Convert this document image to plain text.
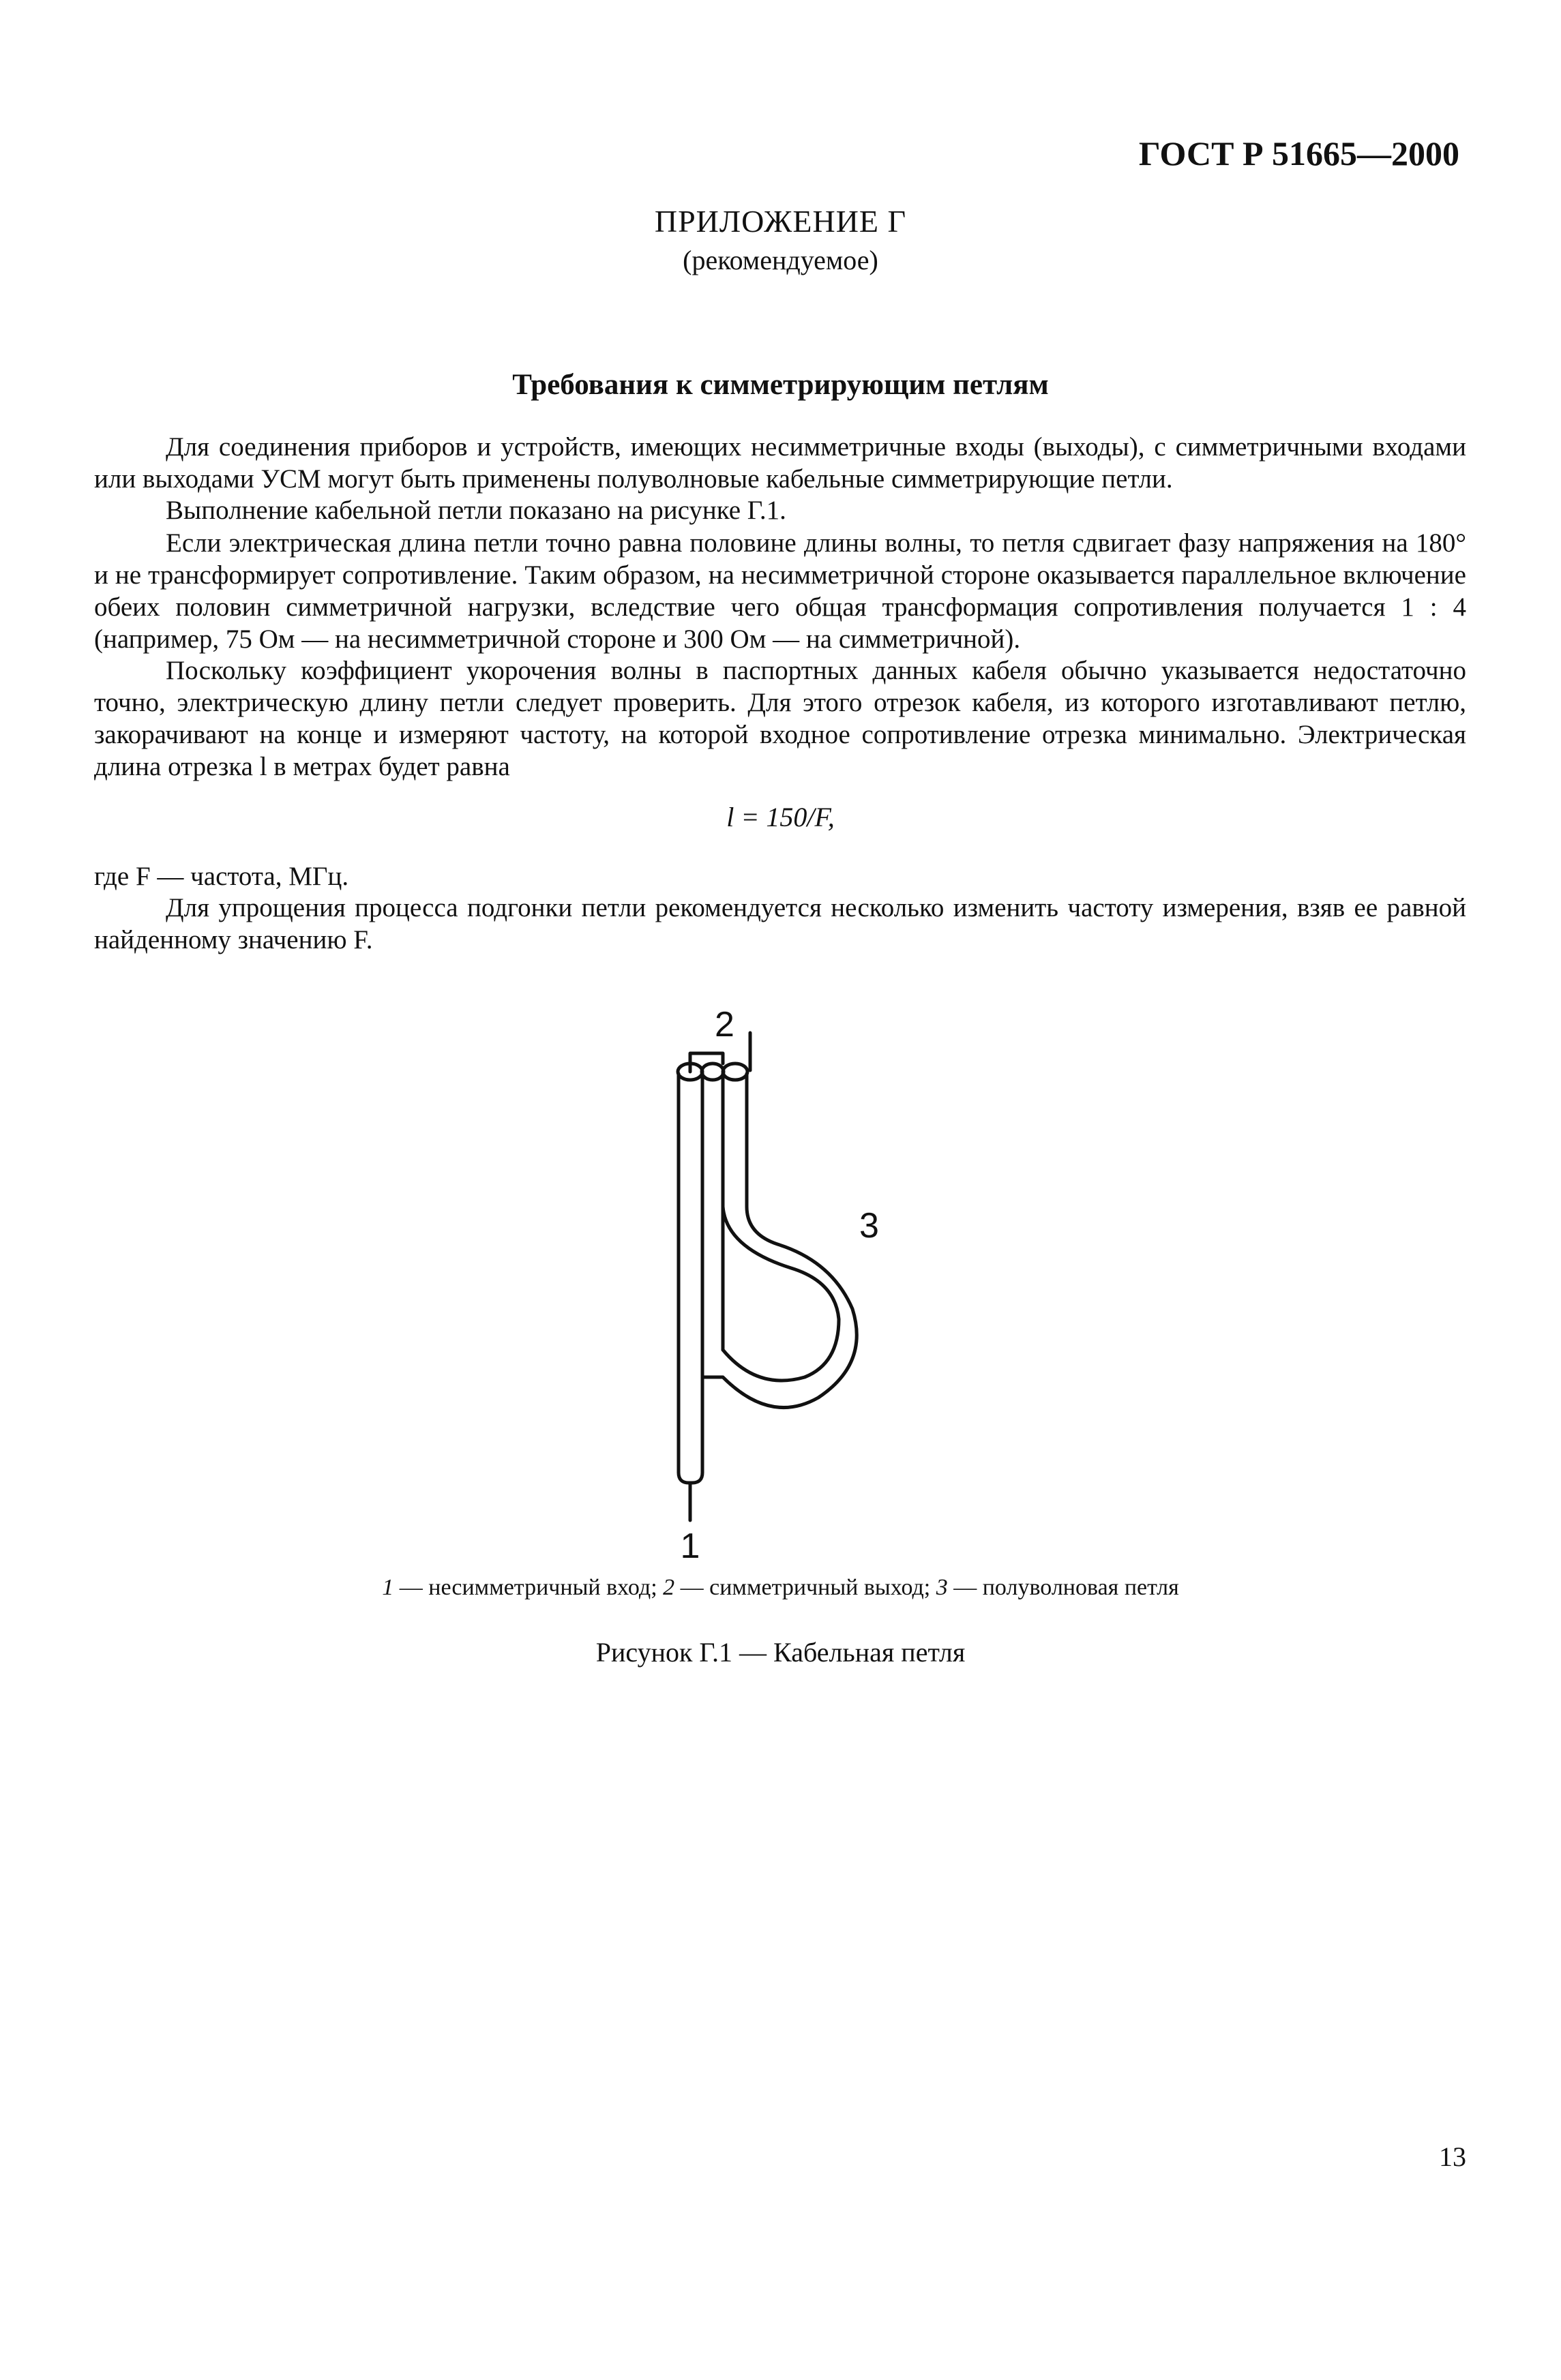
ГОСТ Р 51665—2000
ПРИЛОЖЕНИЕ Г
(рекомендуемое)
Требования к симметрирующим петлям

Для соединения приборов и устройств, имеющих несимметричные входы (выходы), с симметричными входами или выходами УСМ могут быть применены полуволновые кабельные симметрирующие петли.

Выполнение кабельной петли показано на рисунке Г.1.

Если электрическая длина петли точно равна половине длины волны, то петля сдвигает фазу напряжения на 180° и не трансформирует сопротивление. Таким образом, на несимметричной стороне оказывается параллельное включение обеих половин симметричной нагрузки, вследствие чего общая трансформация сопротивления получается 1 : 4 (например, 75 Ом — на несимметричной стороне и 300 Ом — на симметричной).

Поскольку коэффициент укорочения волны в паспортных данных кабеля обычно указывается недостаточно точно, электрическую длину петли следует проверить. Для этого отрезок кабеля, из которого изготавливают петлю, закорачивают на конце и измеряют частоту, на которой входное сопротивление отрезка минимально. Электрическая длина отрезка l в метрах будет равна

l = 150/F,
где F — частота, МГц.

Для упрощения процесса подгонки петли рекомендуется несколько изменить частоту измерения, взяв ее равной найденному значению F.

2
3
1
1 — несимметричный вход; 2 — симметричный выход; 3 — полуволновая петля
Рисунок Г.1 — Кабельная петля
13
